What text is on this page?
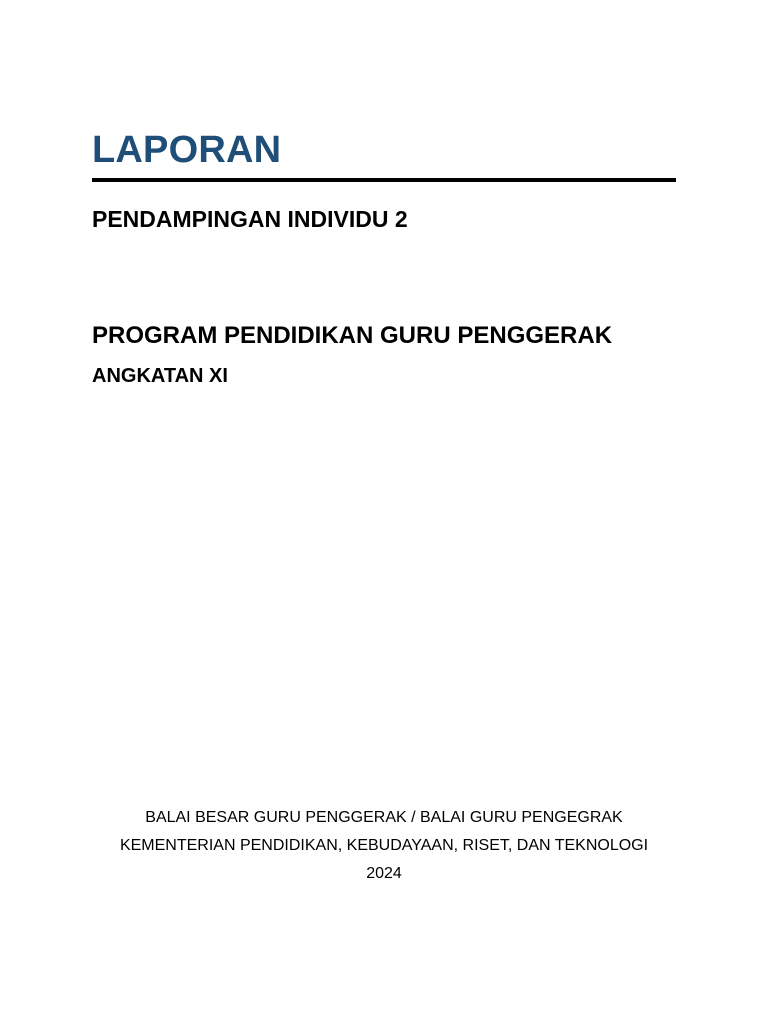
LAPORAN
PENDAMPINGAN INDIVIDU 2
PROGRAM PENDIDIKAN GURU PENGGERAK
ANGKATAN XI
BALAI BESAR GURU PENGGERAK / BALAI GURU PENGEGRAK
KEMENTERIAN PENDIDIKAN, KEBUDAYAAN, RISET, DAN TEKNOLOGI
2024
